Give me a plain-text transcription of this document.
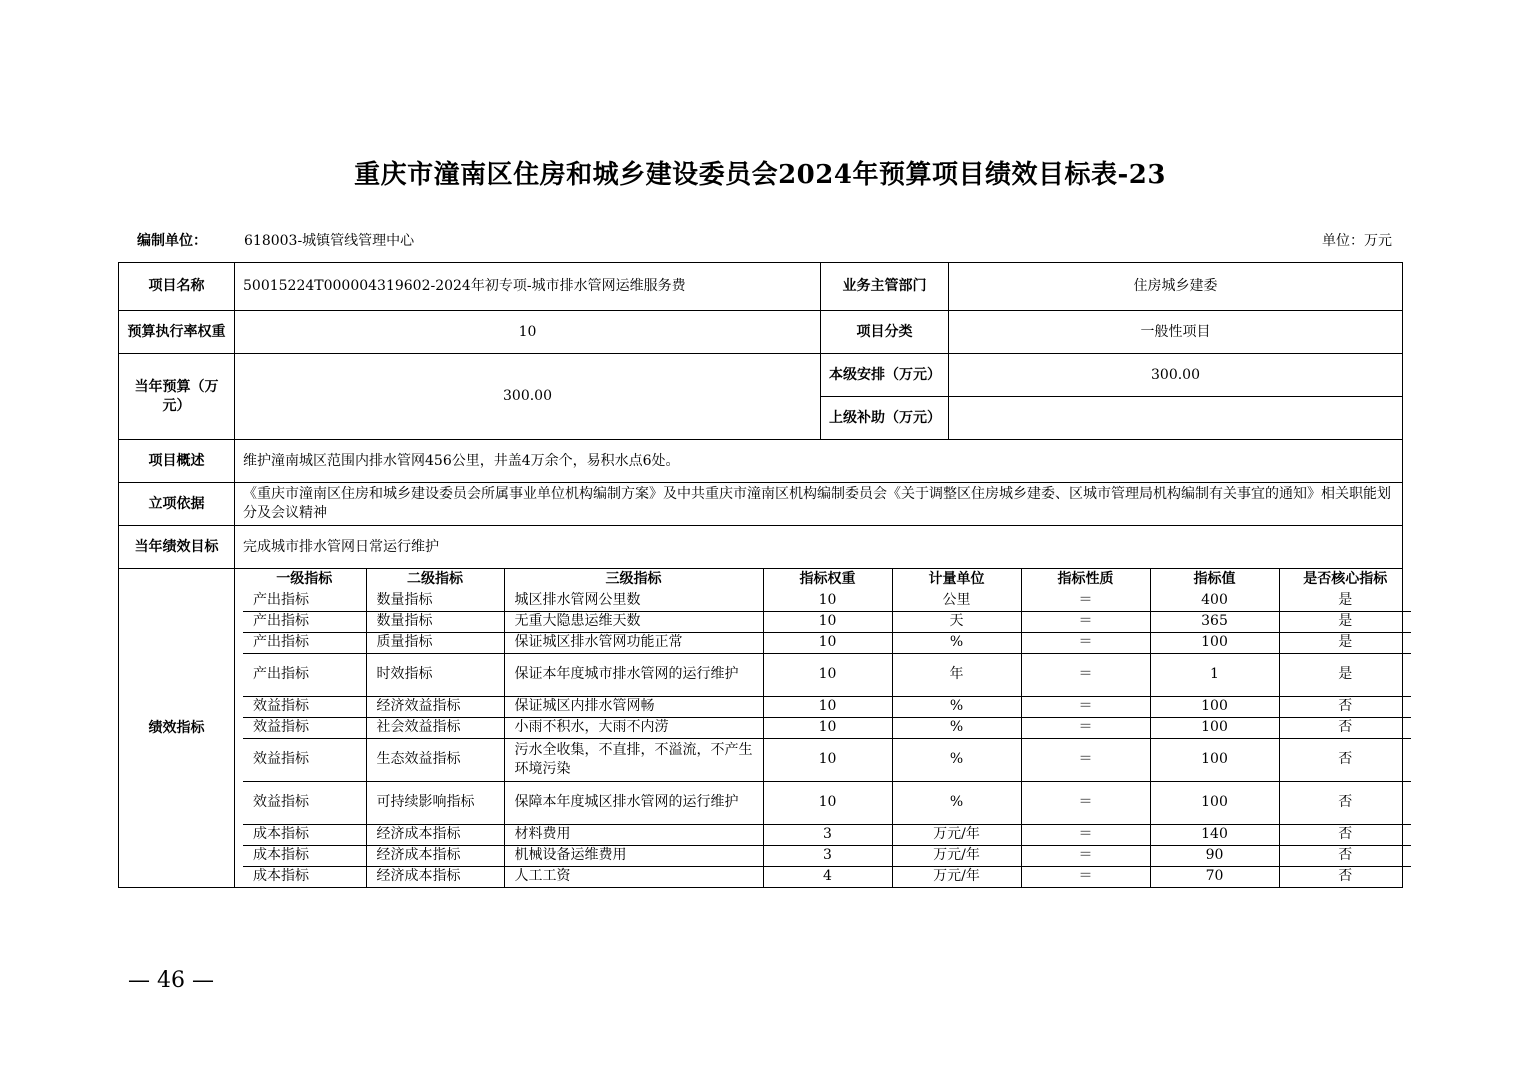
重庆市潼南区住房和城乡建设委员会2024年预算项目绩效目标表-23
编制单位：	618003-城镇管线管理中心	单位：万元
项目名称	50015224T000004319602-2024年初专项-城市排水管网运维服务费	业务主管部门	住房城乡建委
预算执行率权重	10	项目分类	一般性项目
当年预算（万元）	300.00	本级安排（万元）	300.00
上级补助（万元）	
项目概述	维护潼南城区范围内排水管网456公里，井盖4万余个，易积水点6处。
立项依据	《重庆市潼南区住房和城乡建设委员会所属事业单位机构编制方案》及中共重庆市潼南区机构编制委员会《关于调整区住房城乡建委、区城市管理局机构编制有关事宜的通知》相关职能划分及会议精神
当年绩效目标	完成城市排水管网日常运行维护
绩效指标	
一级指标	二级指标	三级指标	指标权重	计量单位	指标性质	指标值	是否核心指标
产出指标	数量指标	城区排水管网公里数	10	公里	＝	400	是
产出指标	数量指标	无重大隐患运维天数	10	天	＝	365	是
产出指标	质量指标	保证城区排水管网功能正常	10	%	＝	100	是
产出指标	时效指标	保证本年度城市排水管网的运行维护	10	年	＝	1	是
效益指标	经济效益指标	保证城区内排水管网畅	10	%	＝	100	否
效益指标	社会效益指标	小雨不积水，大雨不内涝	10	%	＝	100	否
效益指标	生态效益指标	污水全收集，不直排，不溢流，不产生环境污染	10	%	＝	100	否
效益指标	可持续影响指标	保障本年度城区排水管网的运行维护	10	%	＝	100	否
成本指标	经济成本指标	材料费用	3	万元/年	＝	140	否
成本指标	经济成本指标	机械设备运维费用	3	万元/年	＝	90	否
成本指标	经济成本指标	人工工资	4	万元/年	＝	70	否
— 46 —
